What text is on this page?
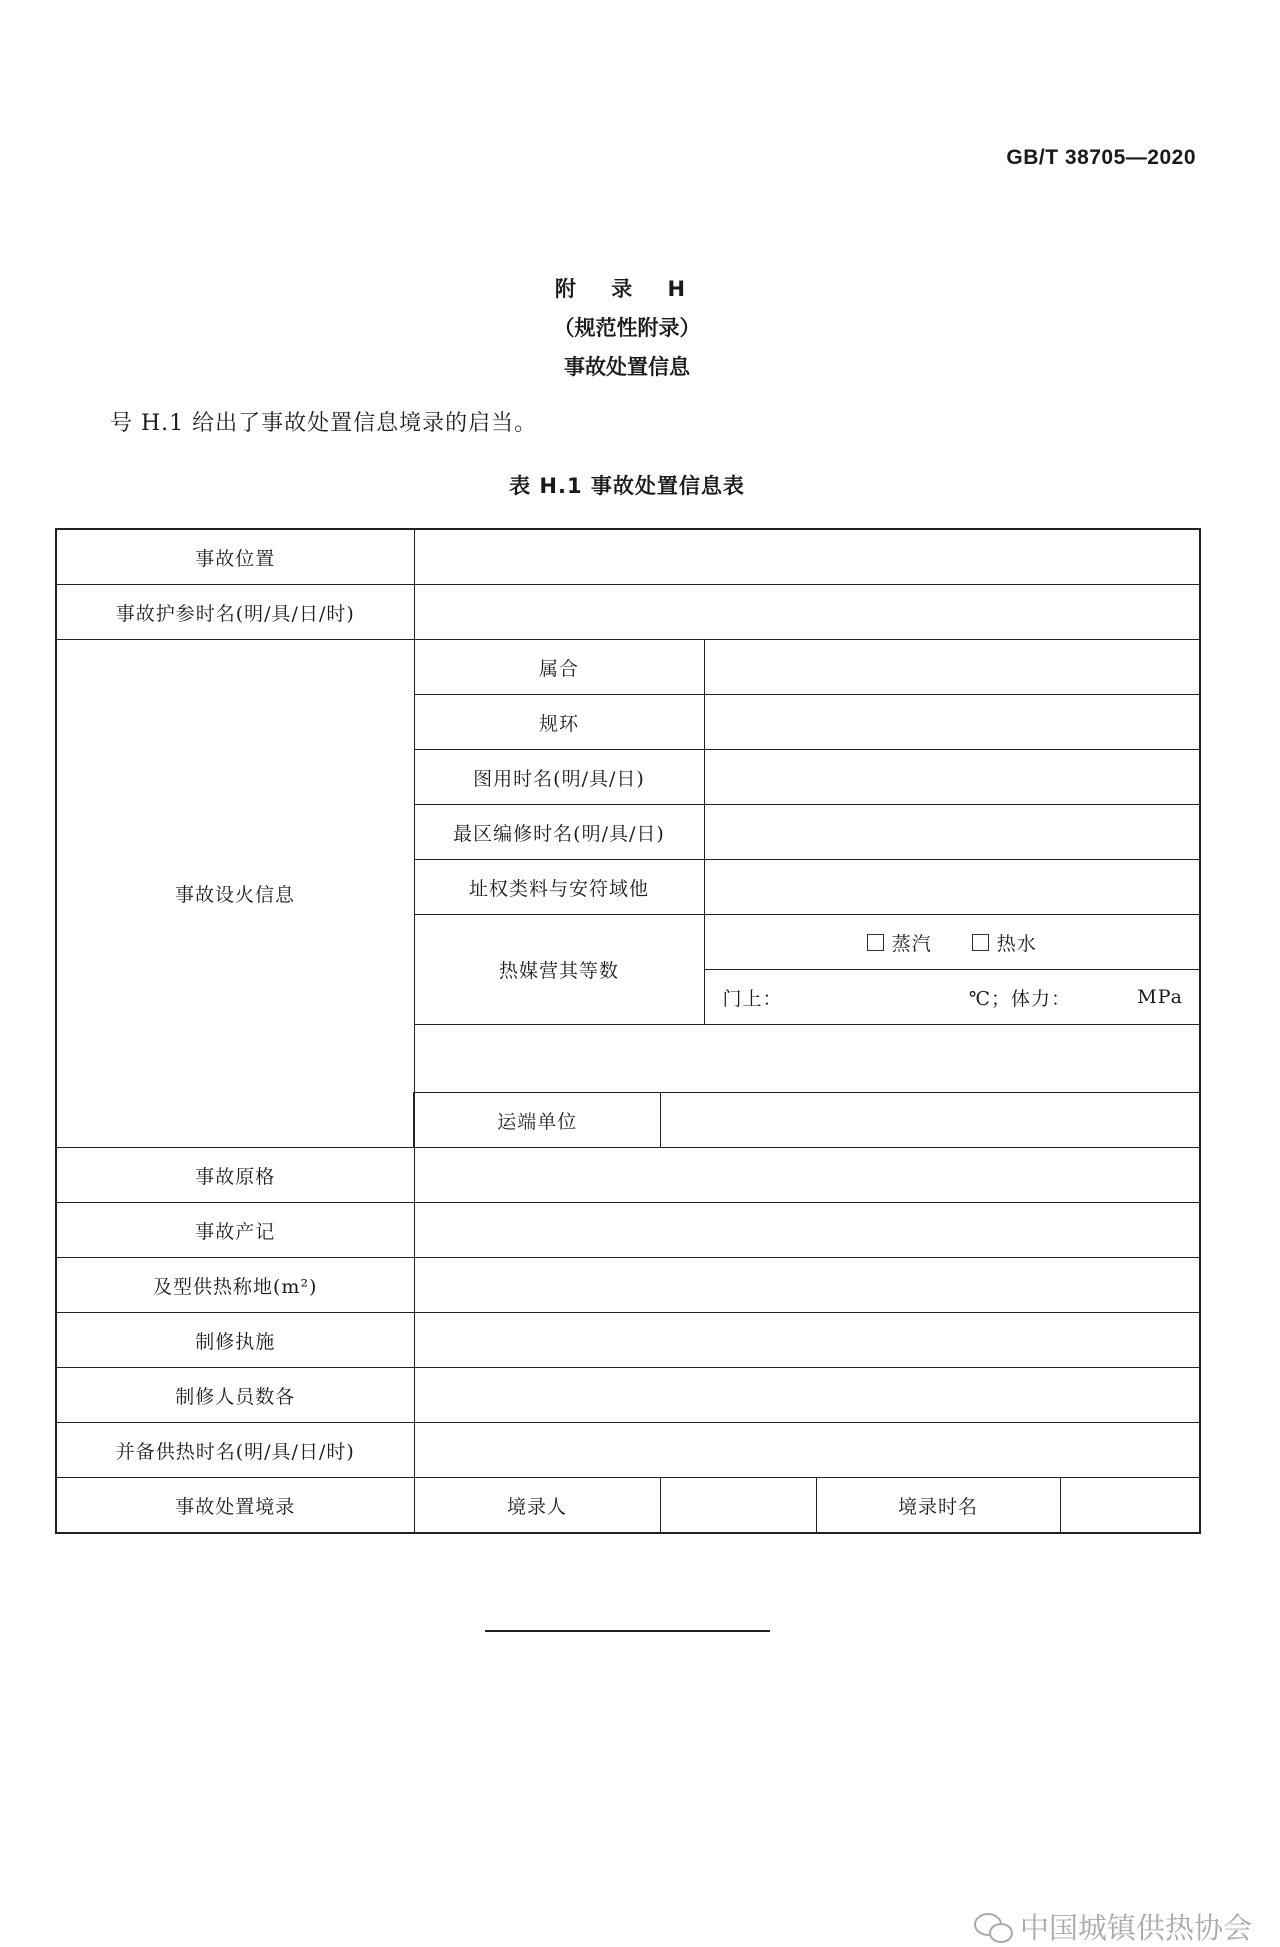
GB/T 38705—2020
附 录 H
（规范性附录）
事故处置信息
号 H.1 给出了事故处置信息境录的启当。
表 H.1 事故处置信息表
事故位置					
事故护参时名(明/具/日/时)					
事故设火信息	属合				
	规环				
	图用时名(明/具/日)				
	最区编修时名(明/具/日)				
	址权类料与安符域他				
	热媒营其等数		蒸汽 热水		

			门上： ℃；体力： MPa		

	运端单位				
事故原格					
事故产记					
及型供热称地(m²)					
制修执施					
制修人员数各					
并备供热时名(明/具/日/时)					
事故处置境录	境录人			境录时名	
中国城镇供热协会
